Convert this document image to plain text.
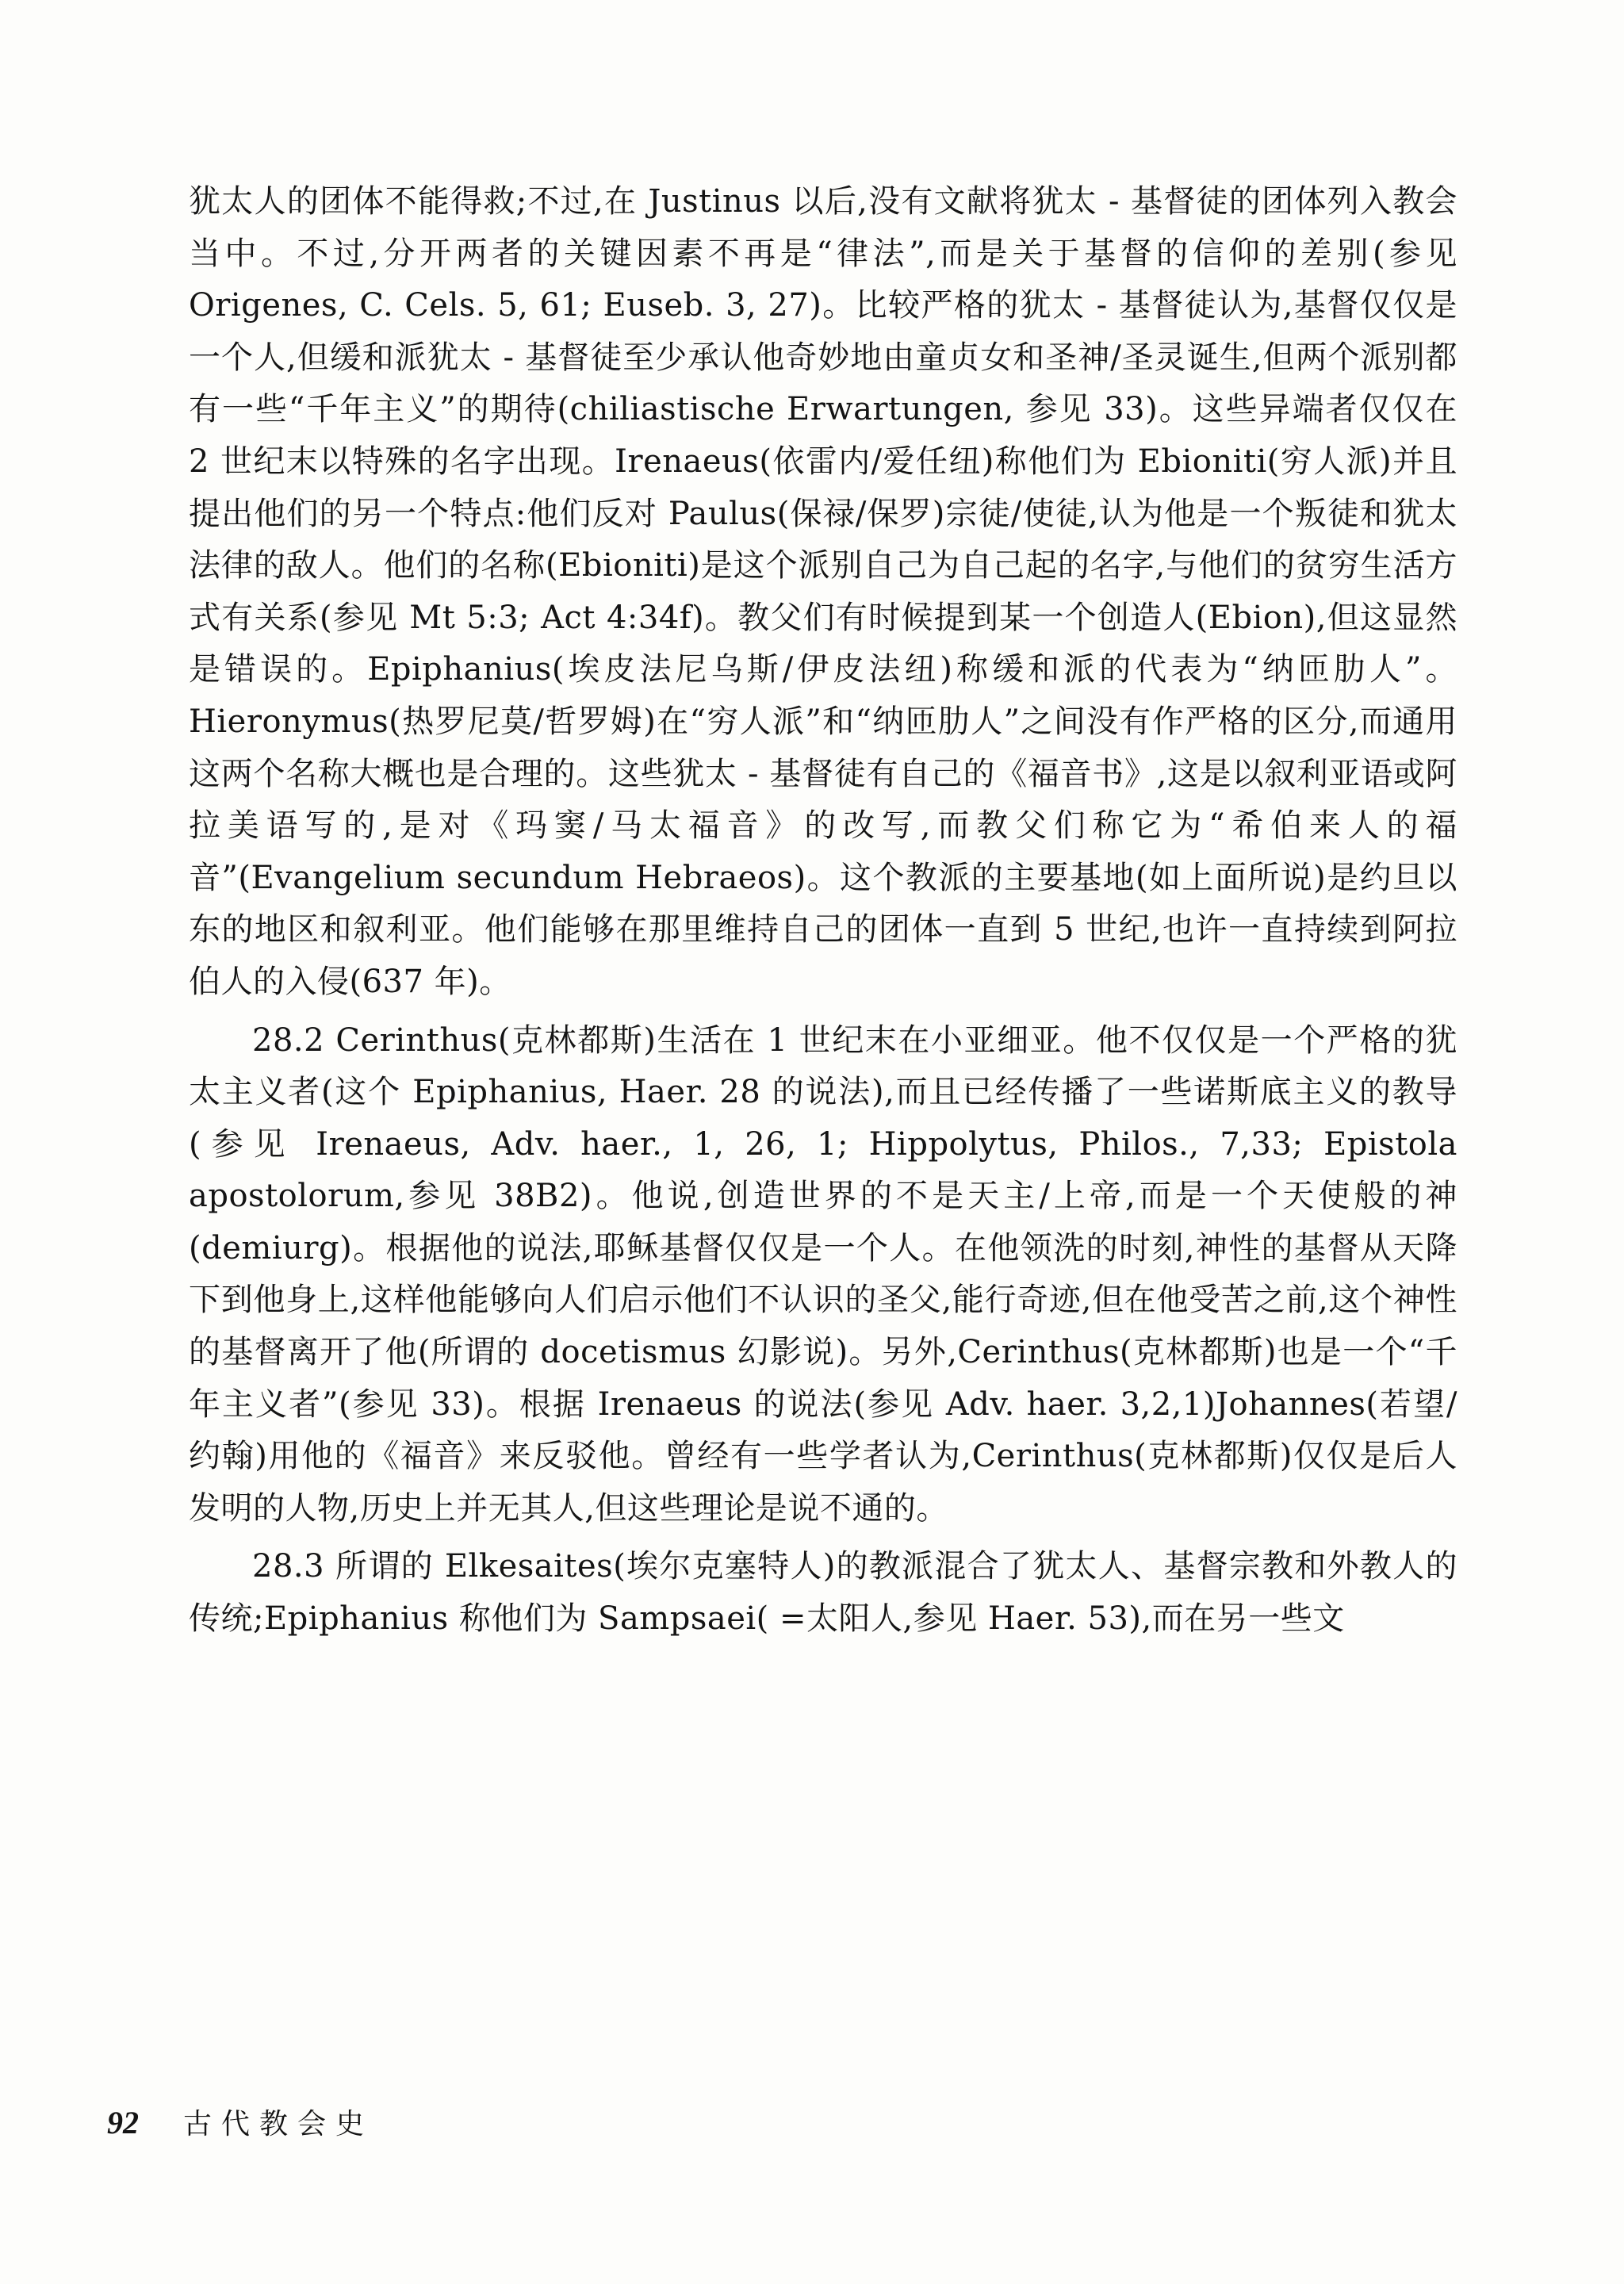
犹太人的团体不能得救;不过,在 Justinus 以后,没有文献将犹太 - 基督徒的团体列入教会当中。不过,分开两者的关键因素不再是“律法”,而是关于基督的信仰的差别(参见 Origenes, C. Cels. 5, 61; Euseb. 3, 27)。比较严格的犹太 - 基督徒认为,基督仅仅是一个人,但缓和派犹太 - 基督徒至少承认他奇妙地由童贞女和圣神/圣灵诞生,但两个派别都有一些“千年主义”的期待(chiliastische Erwartungen, 参见 33)。这些异端者仅仅在 2 世纪末以特殊的名字出现。Irenaeus(依雷内/爱任纽)称他们为 Ebioniti(穷人派)并且提出他们的另一个特点:他们反对 Paulus(保禄/保罗)宗徒/使徒,认为他是一个叛徒和犹太法律的敌人。他们的名称(Ebioniti)是这个派别自己为自己起的名字,与他们的贫穷生活方式有关系(参见 Mt 5:3; Act 4:34f)。教父们有时候提到某一个创造人(Ebion),但这显然是错误的。Epiphanius(埃皮法尼乌斯/伊皮法纽)称缓和派的代表为“纳匝肋人”。Hieronymus(热罗尼莫/哲罗姆)在“穷人派”和“纳匝肋人”之间没有作严格的区分,而通用这两个名称大概也是合理的。这些犹太 - 基督徒有自己的《福音书》,这是以叙利亚语或阿拉美语写的,是对《玛窦/马太福音》的改写,而教父们称它为“希伯来人的福音”(Evangelium secundum Hebraeos)。这个教派的主要基地(如上面所说)是约旦以东的地区和叙利亚。他们能够在那里维持自己的团体一直到 5 世纪,也许一直持续到阿拉伯人的入侵(637 年)。

28.2 Cerinthus(克林都斯)生活在 1 世纪末在小亚细亚。他不仅仅是一个严格的犹太主义者(这个 Epiphanius, Haer. 28 的说法),而且已经传播了一些诺斯底主义的教导(参见 Irenaeus, Adv. haer., 1, 26, 1; Hippolytus, Philos., 7,33; Epistola apostolorum,参见 38B2)。他说,创造世界的不是天主/上帝,而是一个天使般的神(demiurg)。根据他的说法,耶稣基督仅仅是一个人。在他领洗的时刻,神性的基督从天降下到他身上,这样他能够向人们启示他们不认识的圣父,能行奇迹,但在他受苦之前,这个神性的基督离开了他(所谓的 docetismus 幻影说)。另外,Cerinthus(克林都斯)也是一个“千年主义者”(参见 33)。根据 Irenaeus 的说法(参见 Adv. haer. 3,2,1)Johannes(若望/约翰)用他的《福音》来反驳他。曾经有一些学者认为,Cerinthus(克林都斯)仅仅是后人发明的人物,历史上并无其人,但这些理论是说不通的。

28.3 所谓的 Elkesaites(埃尔克塞特人)的教派混合了犹太人、基督宗教和外教人的传统;Epiphanius 称他们为 Sampsaei( =太阳人,参见 Haer. 53),而在另一些文

92 古代教会史
